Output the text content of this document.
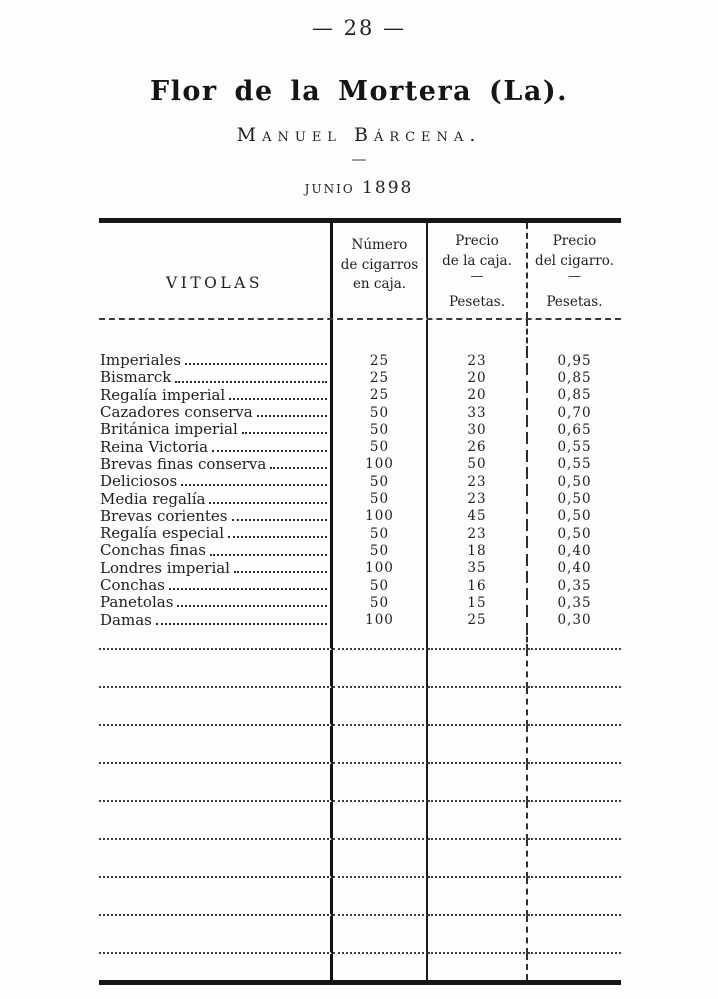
— 28 —
Flor de la Mortera (La).
Manuel Bárcena.
—
junio 1898
VITOLAS
Número
de cigarros
en caja.
Precio
de la caja.
—
Pesetas.
Precio
del cigarro.
—
Pesetas.
Imperiales	25	23	0,95
Bismarck	25	20	0,85
Regalía imperial	25	20	0,85
Cazadores conserva	50	33	0,70
Británica imperial	50	30	0,65
Reina Victoria	50	26	0,55
Brevas finas conserva	100	50	0,55
Deliciosos	50	23	0,50
Media regalía	50	23	0,50
Brevas corientes	100	45	0,50
Regalía especial	50	23	0,50
Conchas finas	50	18	0,40
Londres imperial	100	35	0,40
Conchas	50	16	0,35
Panetolas	50	15	0,35
Damas	100	25	0,30
